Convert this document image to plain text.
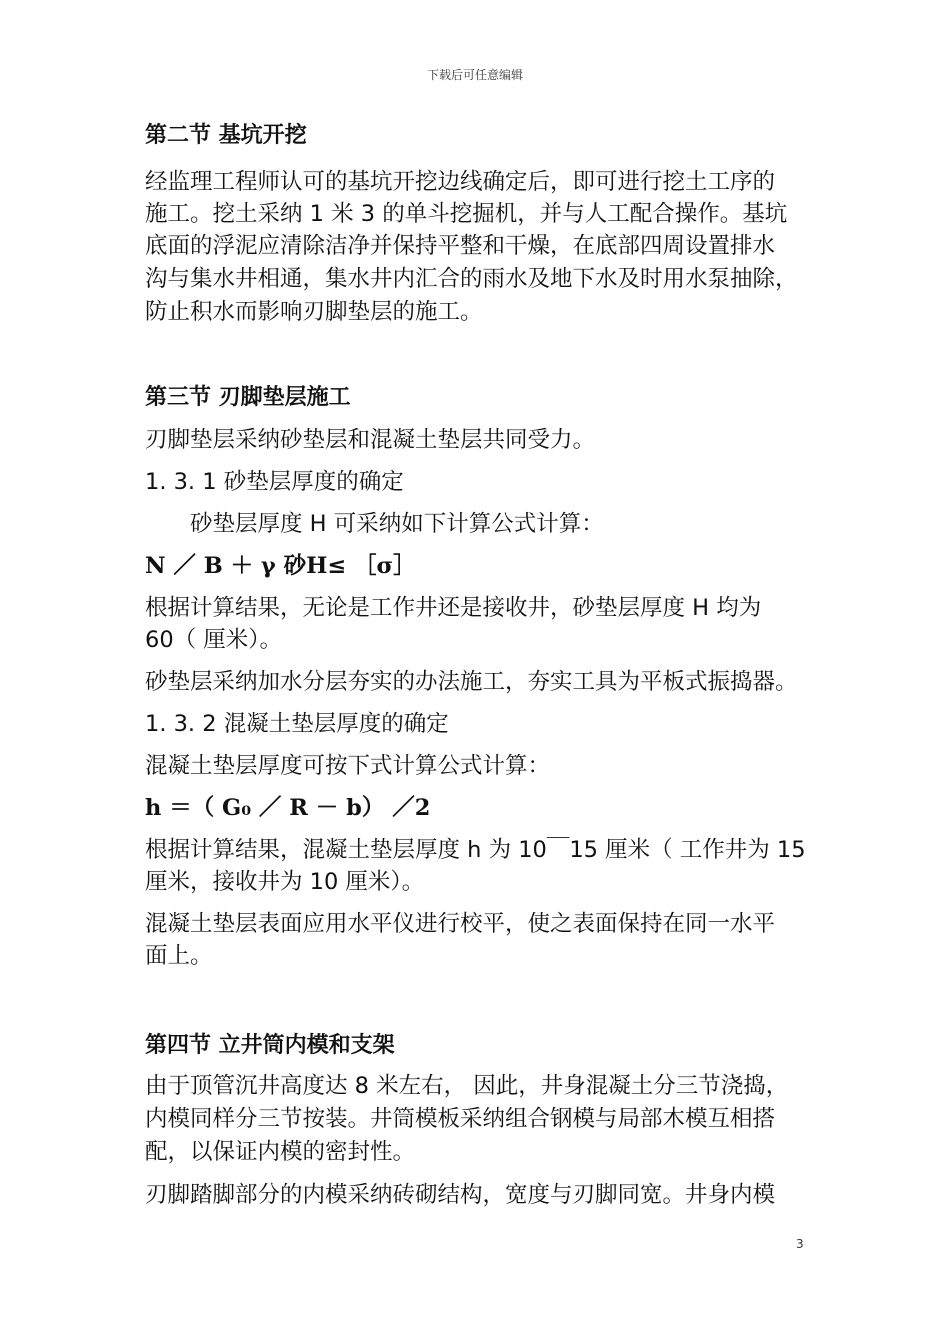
下载后可任意编辑
第二节 基坑开挖
经监理工程师认可的基坑开挖边线确定后，即可进行挖土工序的
施工。挖土采纳 1 米 3 的单斗挖掘机，并与人工配合操作。基坑
底面的浮泥应清除洁净并保持平整和干燥，在底部四周设置排水
沟与集水井相通，集水井内汇合的雨水及地下水及时用水泵抽除，
防止积水而影响刃脚垫层的施工。
第三节 刃脚垫层施工
刃脚垫层采纳砂垫层和混凝土垫层共同受力。
1. 3. 1 砂垫层厚度的确定
砂垫层厚度 H 可采纳如下计算公式计算：
N ／ B ＋ γ 砂H≤ ［σ］
根据计算结果，无论是工作井还是接收井，砂垫层厚度 H 均为
60（ 厘米）。
砂垫层采纳加水分层夯实的办法施工，夯实工具为平板式振捣器。
1. 3. 2 混凝土垫层厚度的确定
混凝土垫层厚度可按下式计算公式计算：
h ＝（ G₀ ／ R － b） ／2
根据计算结果，混凝土垫层厚度 h 为 10￣15 厘米（ 工作井为 15
厘米，接收井为 10 厘米）。
混凝土垫层表面应用水平仪进行校平，使之表面保持在同一水平
面上。
第四节 立井筒内模和支架
由于顶管沉井高度达 8 米左右， 因此，井身混凝土分三节浇捣，
内模同样分三节按装。井筒模板采纳组合钢模与局部木模互相搭
配，以保证内模的密封性。
刃脚踏脚部分的内模采纳砖砌结构，宽度与刃脚同宽。井身内模
3
